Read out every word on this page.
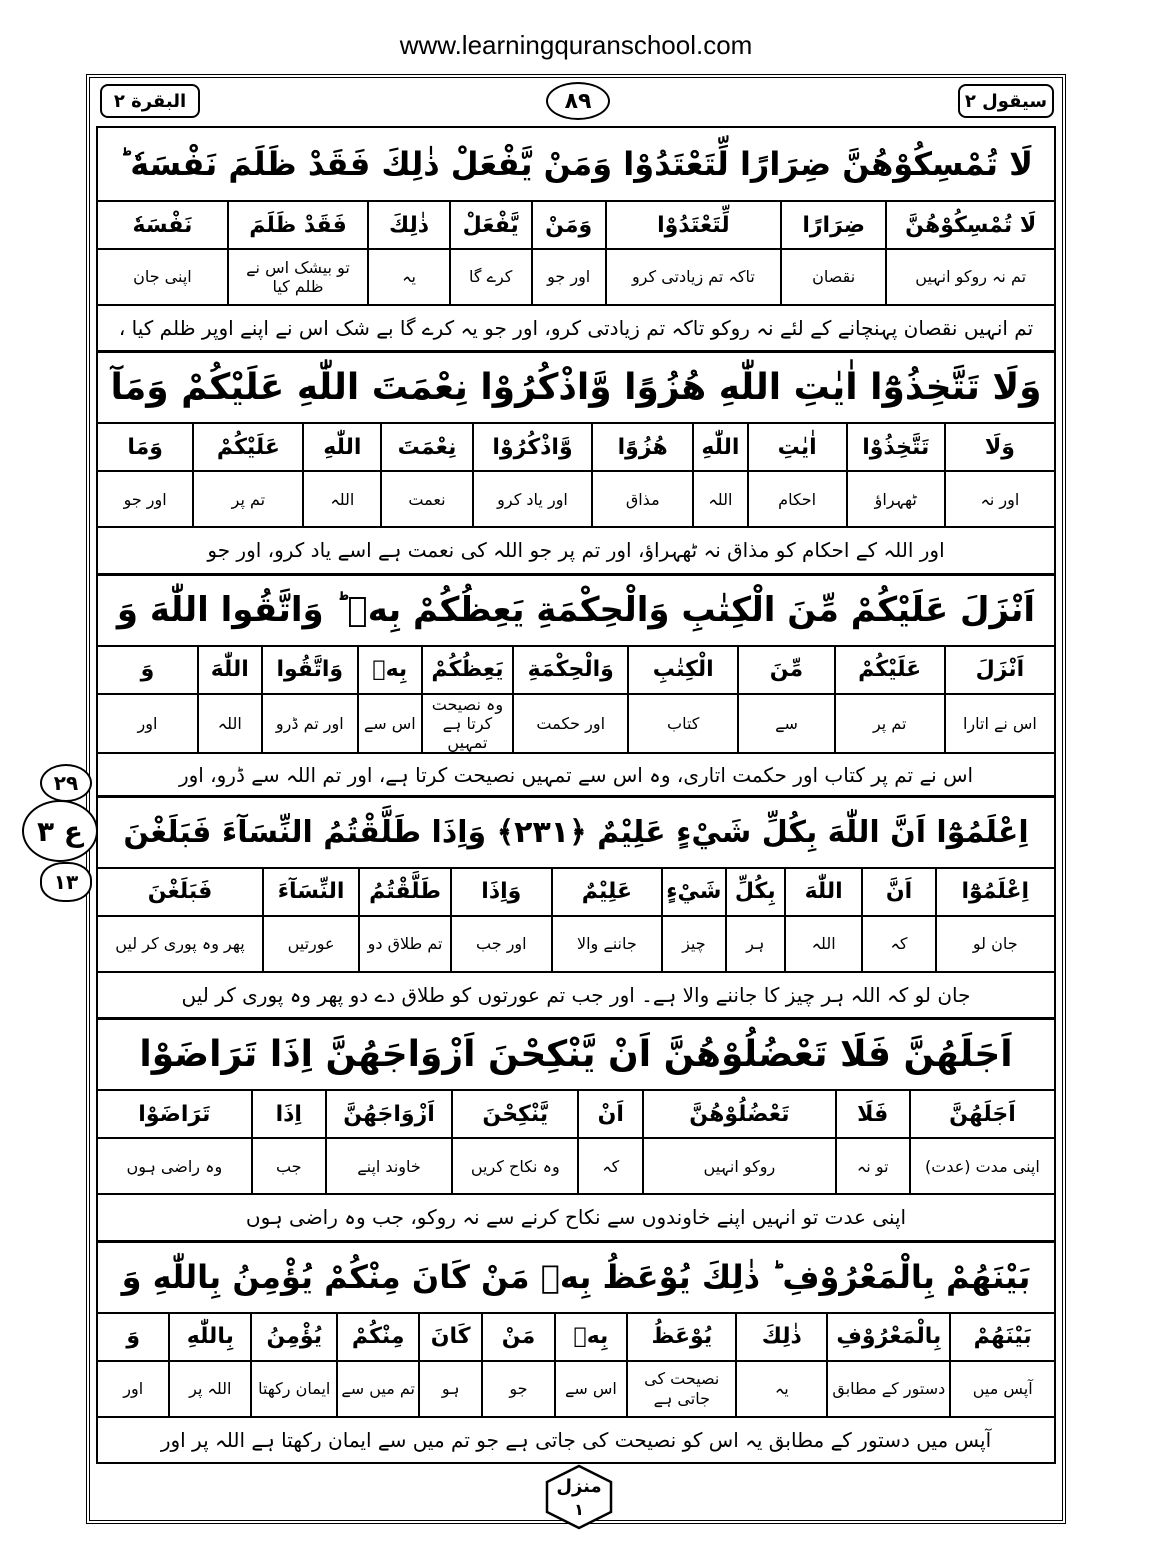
www.learningquranschool.com
البقرة ٢	٨٩	سیقول ٢
لَا تُمْسِكُوْهُنَّ ضِرَارًا لِّتَعْتَدُوْا وَمَنْ يَّفْعَلْ ذٰلِكَ فَقَدْ ظَلَمَ نَفْسَهٗ ؕ
لَا تُمْسِكُوْهُنَّ
ضِرَارًا
لِّتَعْتَدُوْا
وَمَنْ
يَّفْعَلْ
ذٰلِكَ
فَقَدْ ظَلَمَ
نَفْسَهٗ
تم نہ روکو انہیں
نقصان
تاکہ تم زیادتی کرو
اور جو
کرے گا
یہ
تو بیشک اس نے ظلم کیا
اپنی جان
تم انہیں نقصان پہنچانے کے لئے نہ روکو تاکہ تم زیادتی کرو، اور جو یہ کرے گا بے شک اس نے اپنے اوپر ظلم کیا ،
وَلَا تَتَّخِذُوْٓا اٰيٰتِ اللّٰهِ هُزُوًا وَّاذْكُرُوْا نِعْمَتَ اللّٰهِ عَلَيْكُمْ وَمَآ
وَلَا
تَتَّخِذُوْا
اٰيٰتِ
اللّٰهِ
هُزُوًا
وَّاذْكُرُوْا
نِعْمَتَ
اللّٰهِ
عَلَيْكُمْ
وَمَا
اور نہ
ٹھہراؤ
احکام
اللہ
مذاق
اور یاد کرو
نعمت
اللہ
تم پر
اور جو
اور اللہ کے احکام کو مذاق نہ ٹھہراؤ، اور تم پر جو اللہ کی نعمت ہے اسے یاد کرو، اور جو
اَنْزَلَ عَلَيْكُمْ مِّنَ الْكِتٰبِ وَالْحِكْمَةِ يَعِظُكُمْ بِهٖ ؕ وَاتَّقُوا اللّٰهَ وَ
اَنْزَلَ
عَلَيْكُمْ
مِّنَ
الْكِتٰبِ
وَالْحِكْمَةِ
يَعِظُكُمْ
بِهٖ
وَاتَّقُوا
اللّٰهَ
وَ
اس نے اتارا
تم پر
سے
کتاب
اور حکمت
وہ نصیحت کرتا ہے تمہیں
اس سے
اور تم ڈرو
اللہ
اور
اس نے تم پر کتاب اور حکمت اتاری، وہ اس سے تمہیں نصیحت کرتا ہے، اور تم اللہ سے ڈرو، اور
اِعْلَمُوْٓا اَنَّ اللّٰهَ بِكُلِّ شَيْءٍ عَلِيْمٌ ﴿٢٣١﴾ وَاِذَا طَلَّقْتُمُ النِّسَآءَ فَبَلَغْنَ
اِعْلَمُوْٓا
اَنَّ
اللّٰهَ
بِكُلِّ
شَيْءٍ
عَلِيْمٌ
وَاِذَا
طَلَّقْتُمُ
النِّسَآءَ
فَبَلَغْنَ
جان لو
کہ
اللہ
ہر
چیز
جاننے والا
اور جب
تم طلاق دو
عورتیں
پھر وہ پوری کر لیں
جان لو کہ اللہ ہر چیز کا جاننے والا ہے۔ اور جب تم عورتوں کو طلاق دے دو پھر وہ پوری کر لیں
اَجَلَهُنَّ فَلَا تَعْضُلُوْهُنَّ اَنْ يَّنْكِحْنَ اَزْوَاجَهُنَّ اِذَا تَرَاضَوْا
اَجَلَهُنَّ
فَلَا
تَعْضُلُوْهُنَّ
اَنْ
يَّنْكِحْنَ
اَزْوَاجَهُنَّ
اِذَا
تَرَاضَوْا
اپنی مدت (عدت)
تو نہ
روکو انہیں
کہ
وہ نکاح کریں
خاوند اپنے
جب
وہ راضی ہوں
اپنی عدت تو انہیں اپنے خاوندوں سے نکاح کرنے سے نہ روکو، جب وہ راضی ہوں
بَيْنَهُمْ بِالْمَعْرُوْفِ ؕ ذٰلِكَ يُوْعَظُ بِهٖ مَنْ كَانَ مِنْكُمْ يُؤْمِنُ بِاللّٰهِ وَ
بَيْنَهُمْ
بِالْمَعْرُوْفِ
ذٰلِكَ
يُوْعَظُ
بِهٖ
مَنْ
كَانَ
مِنْكُمْ
يُؤْمِنُ
بِاللّٰهِ
وَ
آپس میں
دستور کے مطابق
یہ
نصیحت کی جاتی ہے
اس سے
جو
ہو
تم میں سے
ایمان رکھتا
اللہ پر
اور
آپس میں دستور کے مطابق یہ اس کو نصیحت کی جاتی ہے جو تم میں سے ایمان رکھتا ہے اللہ پر اور
٢٩
ع ٣
١٣
منزل
١
